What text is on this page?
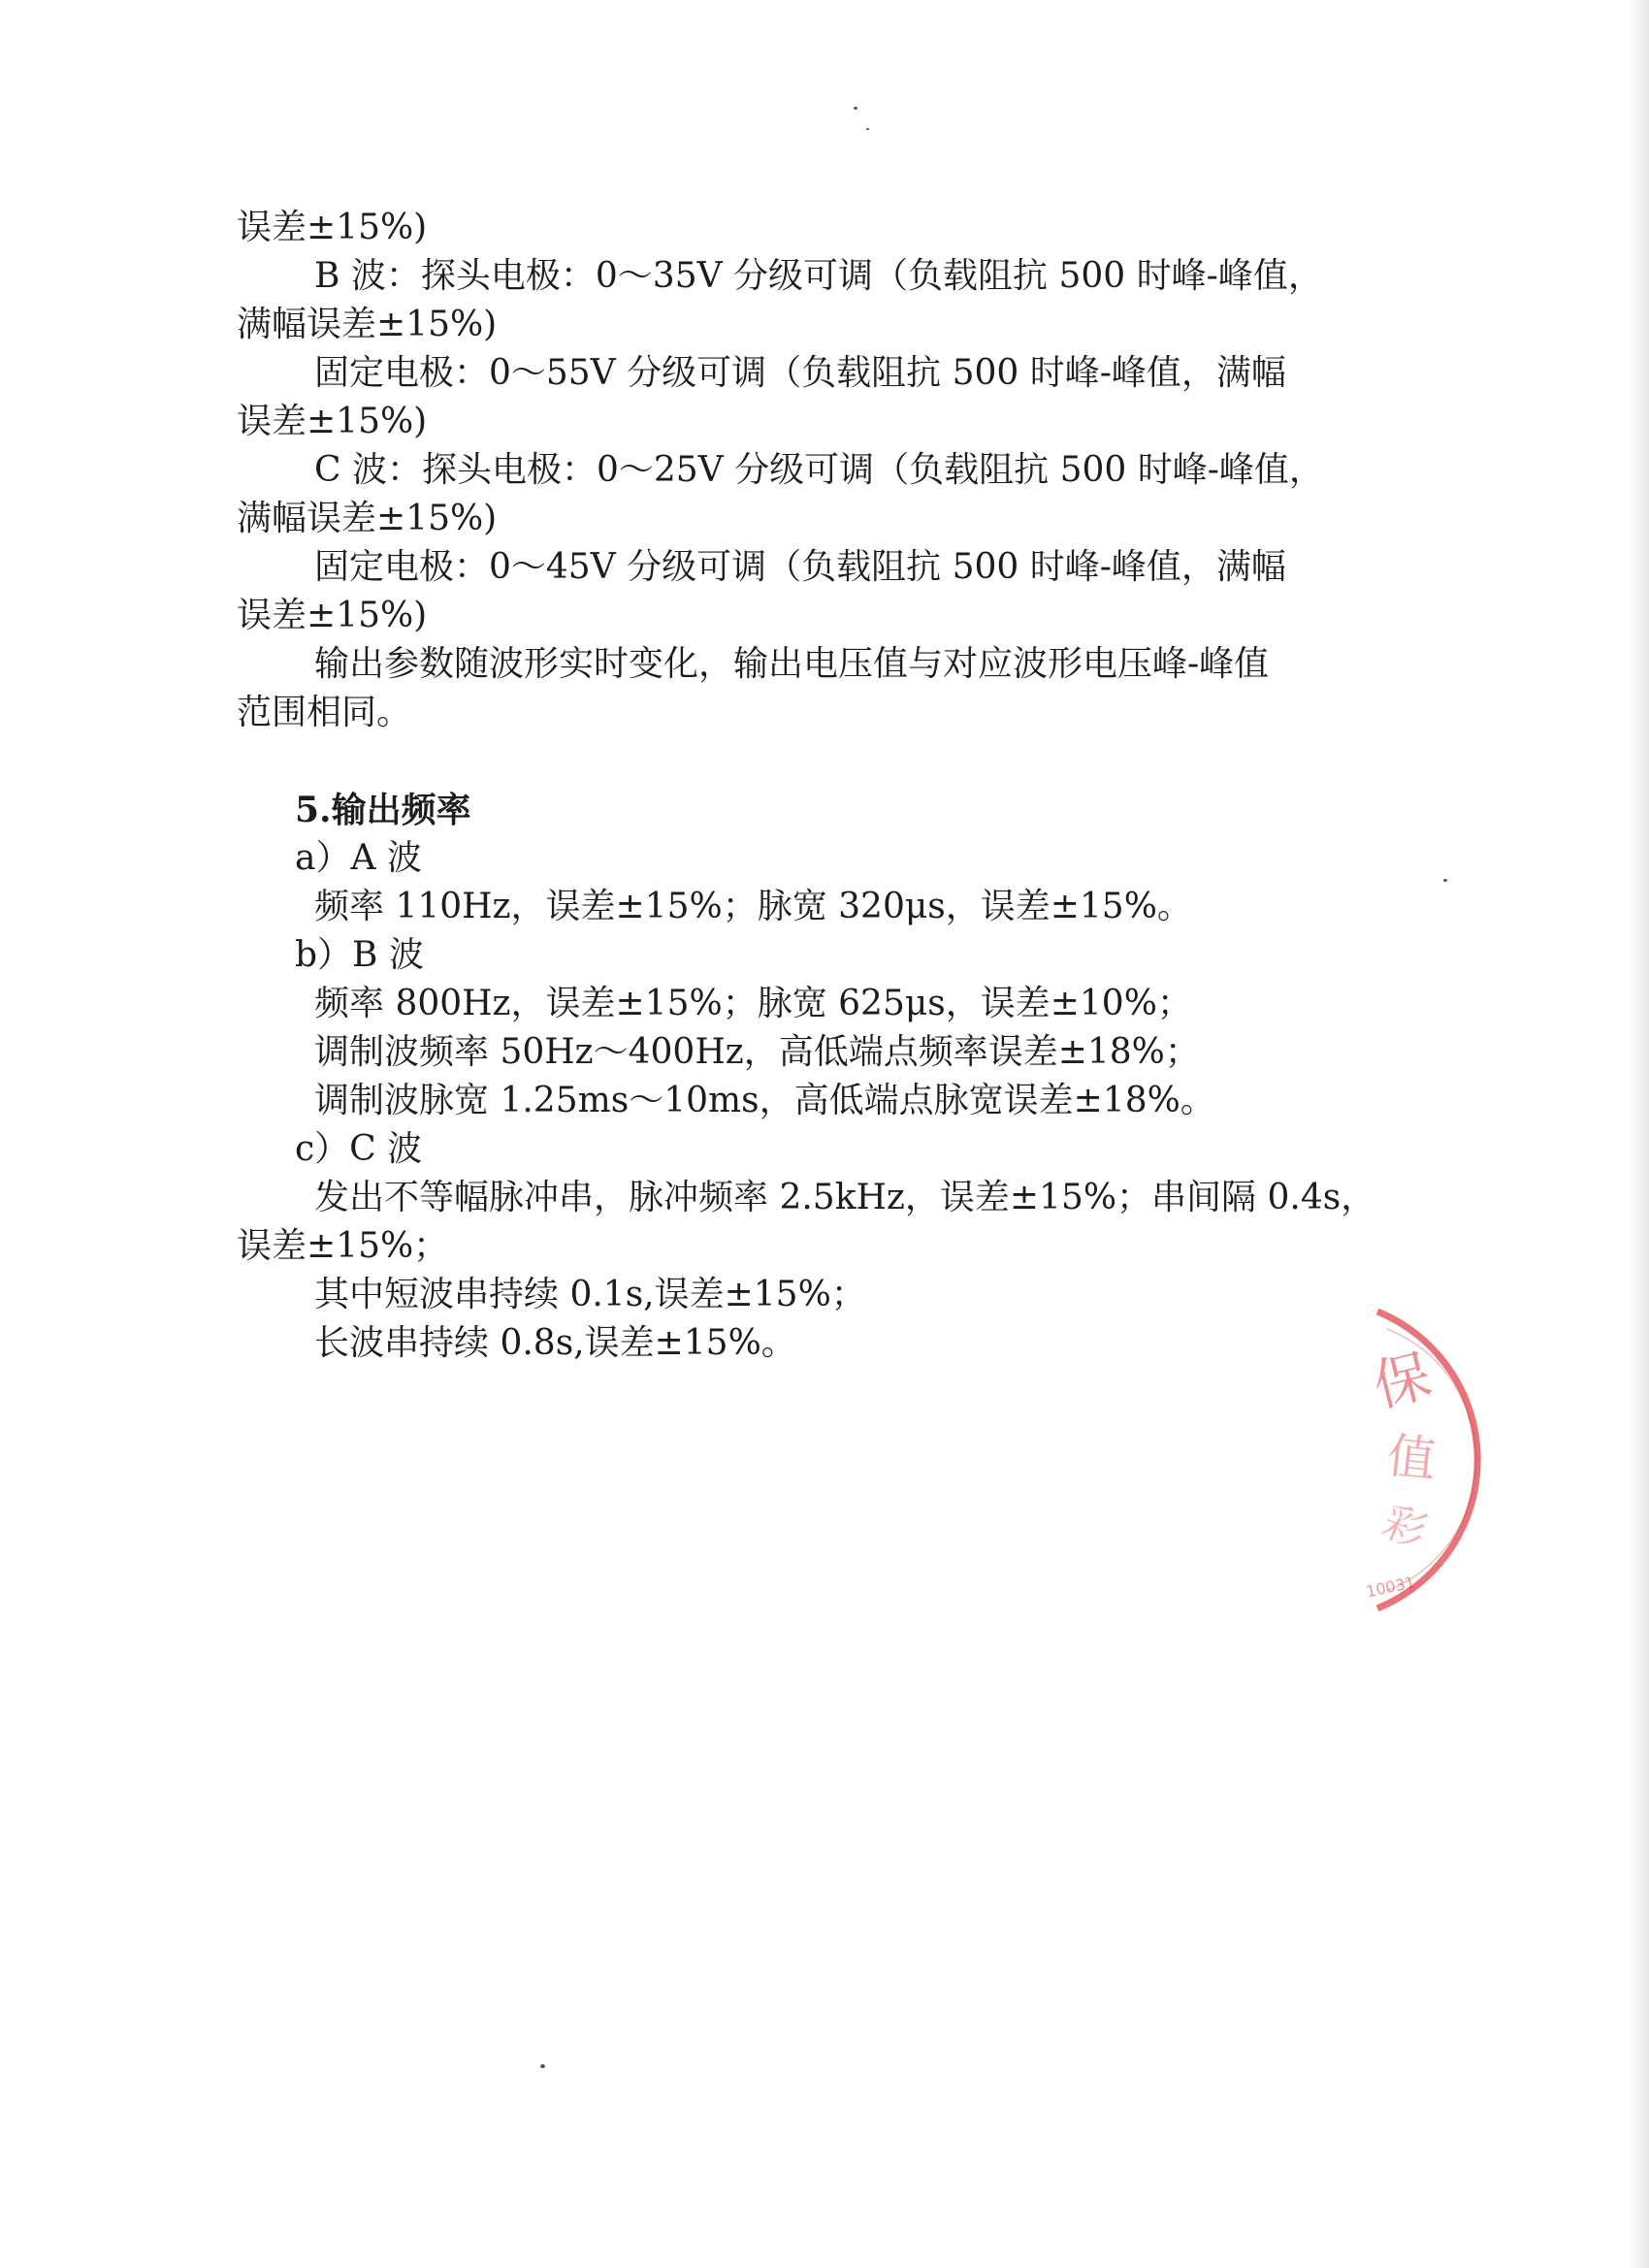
误差±15%)
B 波：探头电极：0～35V 分级可调（负载阻抗 500 时峰-峰值，
满幅误差±15%)
固定电极：0～55V 分级可调（负载阻抗 500 时峰-峰值，满幅
误差±15%)
C 波：探头电极：0～25V 分级可调（负载阻抗 500 时峰-峰值，
满幅误差±15%)
固定电极：0～45V 分级可调（负载阻抗 500 时峰-峰值，满幅
误差±15%)
输出参数随波形实时变化，输出电压值与对应波形电压峰-峰值
范围相同。
5.输出频率
a）A 波
频率 110Hz，误差±15%；脉宽 320μs，误差±15%。
b）B 波
频率 800Hz，误差±15%；脉宽 625μs，误差±10%；
调制波频率 50Hz～400Hz，高低端点频率误差±18%；
调制波脉宽 1.25ms～10ms，高低端点脉宽误差±18%。
c）C 波
发出不等幅脉冲串，脉冲频率 2.5kHz，误差±15%；串间隔 0.4s，
误差±15%；
其中短波串持续 0.1s,误差±15%；
长波串持续 0.8s,误差±15%。	保
值
彩
10031
